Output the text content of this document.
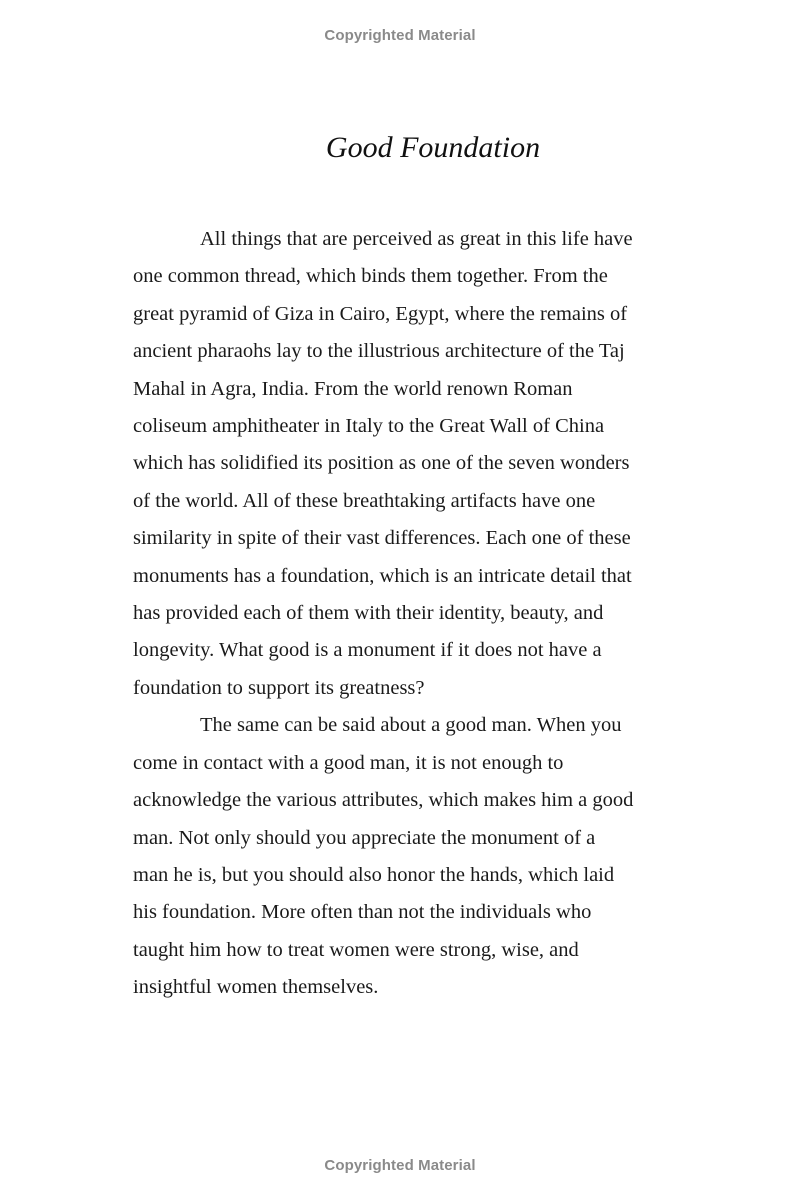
Copyrighted Material
Good Foundation
All things that are perceived as great in this life have
one common thread, which binds them together. From the
great pyramid of Giza in Cairo, Egypt, where the remains of
ancient pharaohs lay to the illustrious architecture of the Taj
Mahal in Agra, India. From the world renown Roman
coliseum amphitheater in Italy to the Great Wall of China
which has solidified its position as one of the seven wonders
of the world. All of these breathtaking artifacts have one
similarity in spite of their vast differences. Each one of these
monuments has a foundation, which is an intricate detail that
has provided each of them with their identity, beauty, and
longevity. What good is a monument if it does not have a
foundation to support its greatness?
The same can be said about a good man. When you
come in contact with a good man, it is not enough to
acknowledge the various attributes, which makes him a good
man. Not only should you appreciate the monument of a
man he is, but you should also honor the hands, which laid
his foundation. More often than not the individuals who
taught him how to treat women were strong, wise, and
insightful women themselves.
Copyrighted Material
